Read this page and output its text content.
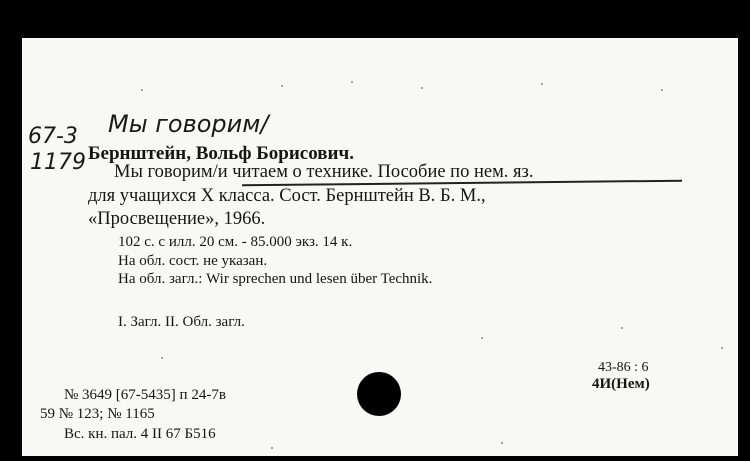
67-3
1179
Мы говорим/
Бернштейн, Вольф Борисович.
Мы говорим/и читаем о технике. Пособие по нем. яз.
для учащихся X класса. Сост. Бернштейн В. Б. М.,
«Просвещение», 1966.
102 с. с илл. 20 см. - 85.000 экз. 14 к.
На обл. сост. не указан.
На обл. загл.: Wir sprechen und lesen über Technik.
I. Загл. II. Обл. загл.
43-86 : 6
4И(Нем)
№ 3649 [67-5435] п 24-7в
59 № 123; № 1165
Вс. кн. пал. 4 II 67 Б516
